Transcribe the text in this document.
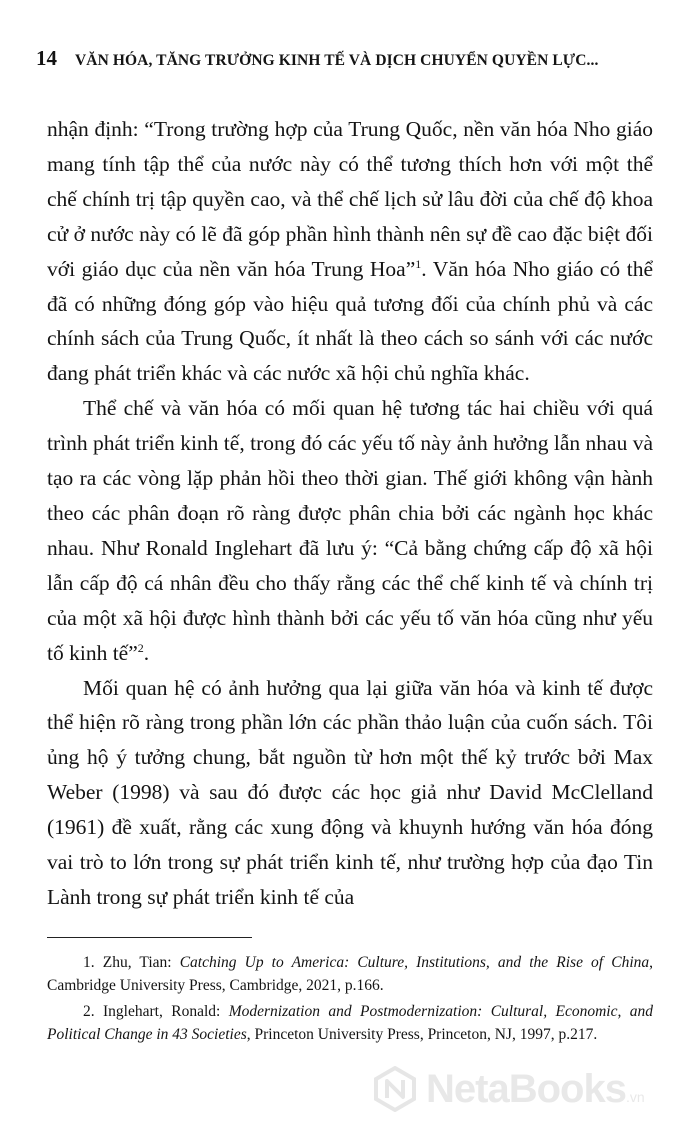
14 VĂN HÓA, TĂNG TRƯỞNG KINH TẾ VÀ DỊCH CHUYỂN QUYỀN LỰC...

nhận định: “Trong trường hợp của Trung Quốc, nền văn hóa Nho giáo mang tính tập thể của nước này có thể tương thích hơn với một thể chế chính trị tập quyền cao, và thể chế lịch sử lâu đời của chế độ khoa cử ở nước này có lẽ đã góp phần hình thành nên sự đề cao đặc biệt đối với giáo dục của nền văn hóa Trung Hoa”$^1$. Văn hóa Nho giáo có thể đã có những đóng góp vào hiệu quả tương đối của chính phủ và các chính sách của Trung Quốc, ít nhất là theo cách so sánh với các nước đang phát triển khác và các nước xã hội chủ nghĩa khác.

Thể chế và văn hóa có mối quan hệ tương tác hai chiều với quá trình phát triển kinh tế, trong đó các yếu tố này ảnh hưởng lẫn nhau và tạo ra các vòng lặp phản hồi theo thời gian. Thế giới không vận hành theo các phân đoạn rõ ràng được phân chia bởi các ngành học khác nhau. Như Ronald Inglehart đã lưu ý: “Cả bằng chứng cấp độ xã hội lẫn cấp độ cá nhân đều cho thấy rằng các thể chế kinh tế và chính trị của một xã hội được hình thành bởi các yếu tố văn hóa cũng như yếu tố kinh tế”$^2$.

Mối quan hệ có ảnh hưởng qua lại giữa văn hóa và kinh tế được thể hiện rõ ràng trong phần lớn các phần thảo luận của cuốn sách. Tôi ủng hộ ý tưởng chung, bắt nguồn từ hơn một thế kỷ trước bởi Max Weber (1998) và sau đó được các học giả như David McClelland (1961) đề xuất, rằng các xung động và khuynh hướng văn hóa đóng vai trò to lớn trong sự phát triển kinh tế, như trường hợp của đạo Tin Lành trong sự phát triển kinh tế của

1. Zhu, Tian: Catching Up to America: Culture, Institutions, and the Rise of China, Cambridge University Press, Cambridge, 2021, p.166.

2. Inglehart, Ronald: Modernization and Postmodernization: Cultural, Economic, and Political Change in 43 Societies, Princeton University Press, Princeton, NJ, 1997, p.217.

NetaBooks.vn
